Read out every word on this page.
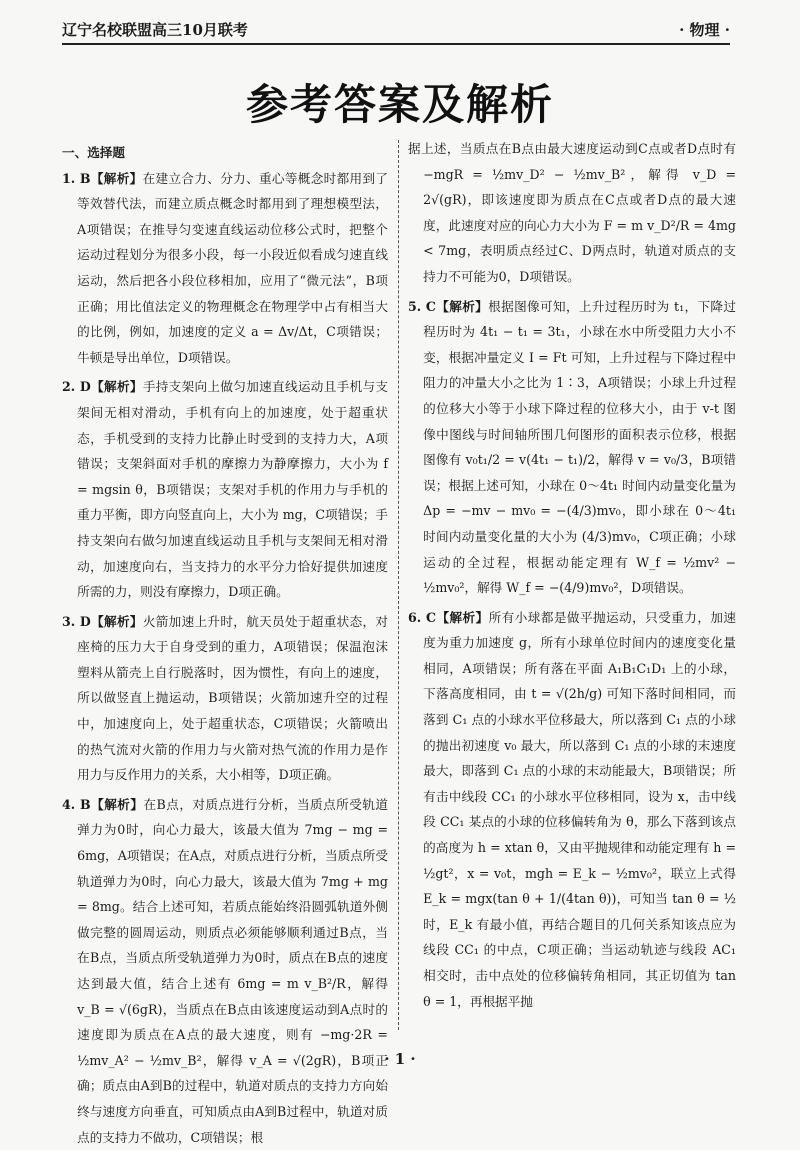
辽宁名校联盟高三10月联考	· 物理 ·
参考答案及解析

一、选择题

1. B【解析】在建立合力、分力、重心等概念时都用到了等效替代法，而建立质点概念时都用到了理想模型法，A项错误；在推导匀变速直线运动位移公式时，把整个运动过程划分为很多小段，每一小段近似看成匀速直线运动，然后把各小段位移相加，应用了“微元法”，B项正确；用比值法定义的物理概念在物理学中占有相当大的比例，例如，加速度的定义 a = Δv/Δt，C项错误；牛顿是导出单位，D项错误。

2. D【解析】手持支架向上做匀加速直线运动且手机与支架间无相对滑动，手机有向上的加速度，处于超重状态，手机受到的支持力比静止时受到的支持力大，A项错误；支架斜面对手机的摩擦力为静摩擦力，大小为 f = mgsin θ，B项错误；支架对手机的作用力与手机的重力平衡，即方向竖直向上，大小为 mg，C项错误；手持支架向右做匀加速直线运动且手机与支架间无相对滑动，加速度向右，当支持力的水平分力恰好提供加速度所需的力，则没有摩擦力，D项正确。

3. D【解析】火箭加速上升时，航天员处于超重状态，对座椅的压力大于自身受到的重力，A项错误；保温泡沫塑料从箭壳上自行脱落时，因为惯性，有向上的速度，所以做竖直上抛运动，B项错误；火箭加速升空的过程中，加速度向上，处于超重状态，C项错误；火箭喷出的热气流对火箭的作用力与火箭对热气流的作用力是作用力与反作用力的关系，大小相等，D项正确。

4. B【解析】在B点，对质点进行分析，当质点所受轨道弹力为0时，向心力最大，该最大值为 7mg − mg = 6mg，A项错误；在A点，对质点进行分析，当质点所受轨道弹力为0时，向心力最大，该最大值为 7mg + mg = 8mg。结合上述可知，若质点能始终沿圆弧轨道外侧做完整的圆周运动，则质点必须能够顺利通过B点，当在B点，当质点所受轨道弹力为0时，质点在B点的速度达到最大值，结合上述有 6mg = m v_B²/R，解得 v_B = √(6gR)，当质点在B点由该速度运动到A点时的速度即为质点在A点的最大速度，则有 −mg·2R = ½mv_A² − ½mv_B²，解得 v_A = √(2gR)，B项正确；质点由A到B的过程中，轨道对质点的支持力方向始终与速度方向垂直，可知质点由A到B过程中，轨道对质点的支持力不做功，C项错误；根

据上述，当质点在B点由最大速度运动到C点或者D点时有 −mgR = ½mv_D² − ½mv_B²，解得 v_D = 2√(gR)，即该速度即为质点在C点或者D点的最大速度，此速度对应的向心力大小为 F = m v_D²/R = 4mg < 7mg，表明质点经过C、D两点时，轨道对质点的支持力不可能为0，D项错误。

5. C【解析】根据图像可知，上升过程历时为 t₁，下降过程历时为 4t₁ − t₁ = 3t₁，小球在水中所受阻力大小不变，根据冲量定义 I = Ft 可知，上升过程与下降过程中阻力的冲量大小之比为 1∶3，A项错误；小球上升过程的位移大小等于小球下降过程的位移大小，由于 v-t 图像中图线与时间轴所围几何图形的面积表示位移，根据图像有 v₀t₁/2 = v(4t₁ − t₁)/2，解得 v = v₀/3，B项错误；根据上述可知，小球在 0～4t₁ 时间内动量变化量为 Δp = −mv − mv₀ = −(4/3)mv₀，即小球在 0～4t₁ 时间内动量变化量的大小为 (4/3)mv₀，C项正确；小球运动的全过程，根据动能定理有 W_f = ½mv² − ½mv₀²，解得 W_f = −(4/9)mv₀²，D项错误。

6. C【解析】所有小球都是做平抛运动，只受重力，加速度为重力加速度 g，所有小球单位时间内的速度变化量相同，A项错误；所有落在平面 A₁B₁C₁D₁ 上的小球，下落高度相同，由 t = √(2h/g) 可知下落时间相同，而落到 C₁ 点的小球水平位移最大，所以落到 C₁ 点的小球的抛出初速度 v₀ 最大，所以落到 C₁ 点的小球的末速度最大，即落到 C₁ 点的小球的末动能最大，B项错误；所有击中线段 CC₁ 的小球水平位移相同，设为 x，击中线段 CC₁ 某点的小球的位移偏转角为 θ，那么下落到该点的高度为 h = xtan θ，又由平抛规律和动能定理有 h = ½gt²，x = v₀t，mgh = E_k − ½mv₀²，联立上式得 E_k = mgx(tan θ + 1/(4tan θ))，可知当 tan θ = ½ 时，E_k 有最小值，再结合题目的几何关系知该点应为线段 CC₁ 的中点，C项正确；当运动轨迹与线段 AC₁ 相交时，击中点处的位移偏转角相同，其正切值为 tan θ = 1，再根据平抛

· 1 ·
